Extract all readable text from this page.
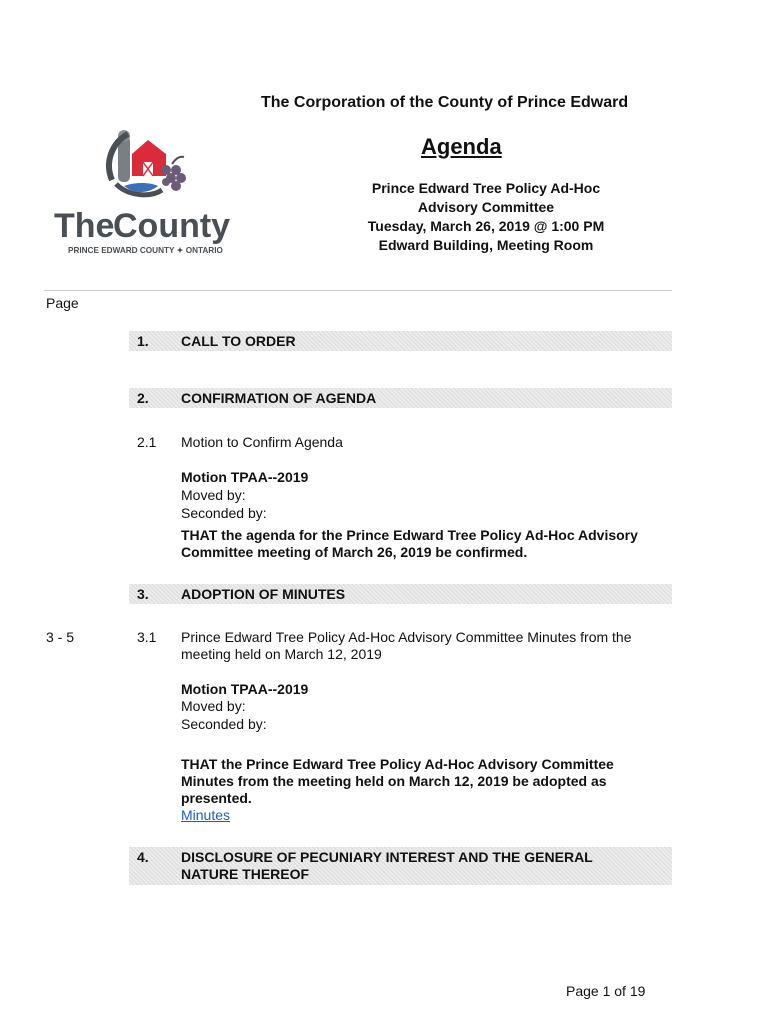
The Corporation of the County of Prince Edward
Agenda
Prince Edward Tree Policy Ad-Hoc
Advisory Committee
Tuesday, March 26, 2019 @ 1:00 PM
Edward Building, Meeting Room
The
County
PRINCE EDWARD COUNTY ✦ ONTARIO
Page
1. CALL TO ORDER
2. CONFIRMATION OF AGENDA
2.1 Motion to Confirm Agenda
Motion TPAA--2019
Moved by:
Seconded by:
THAT the agenda for the Prince Edward Tree Policy Ad-Hoc Advisory
Committee meeting of March 26, 2019 be confirmed.
3. ADOPTION OF MINUTES
3 - 5	3.1 Prince Edward Tree Policy Ad-Hoc Advisory Committee Minutes from the
meeting held on March 12, 2019
Motion TPAA--2019
Moved by:
Seconded by:
THAT the Prince Edward Tree Policy Ad-Hoc Advisory Committee
Minutes from the meeting held on March 12, 2019 be adopted as
presented.
Minutes
4. DISCLOSURE OF PECUNIARY INTEREST AND THE GENERAL
NATURE THEREOF
Page 1 of 19
